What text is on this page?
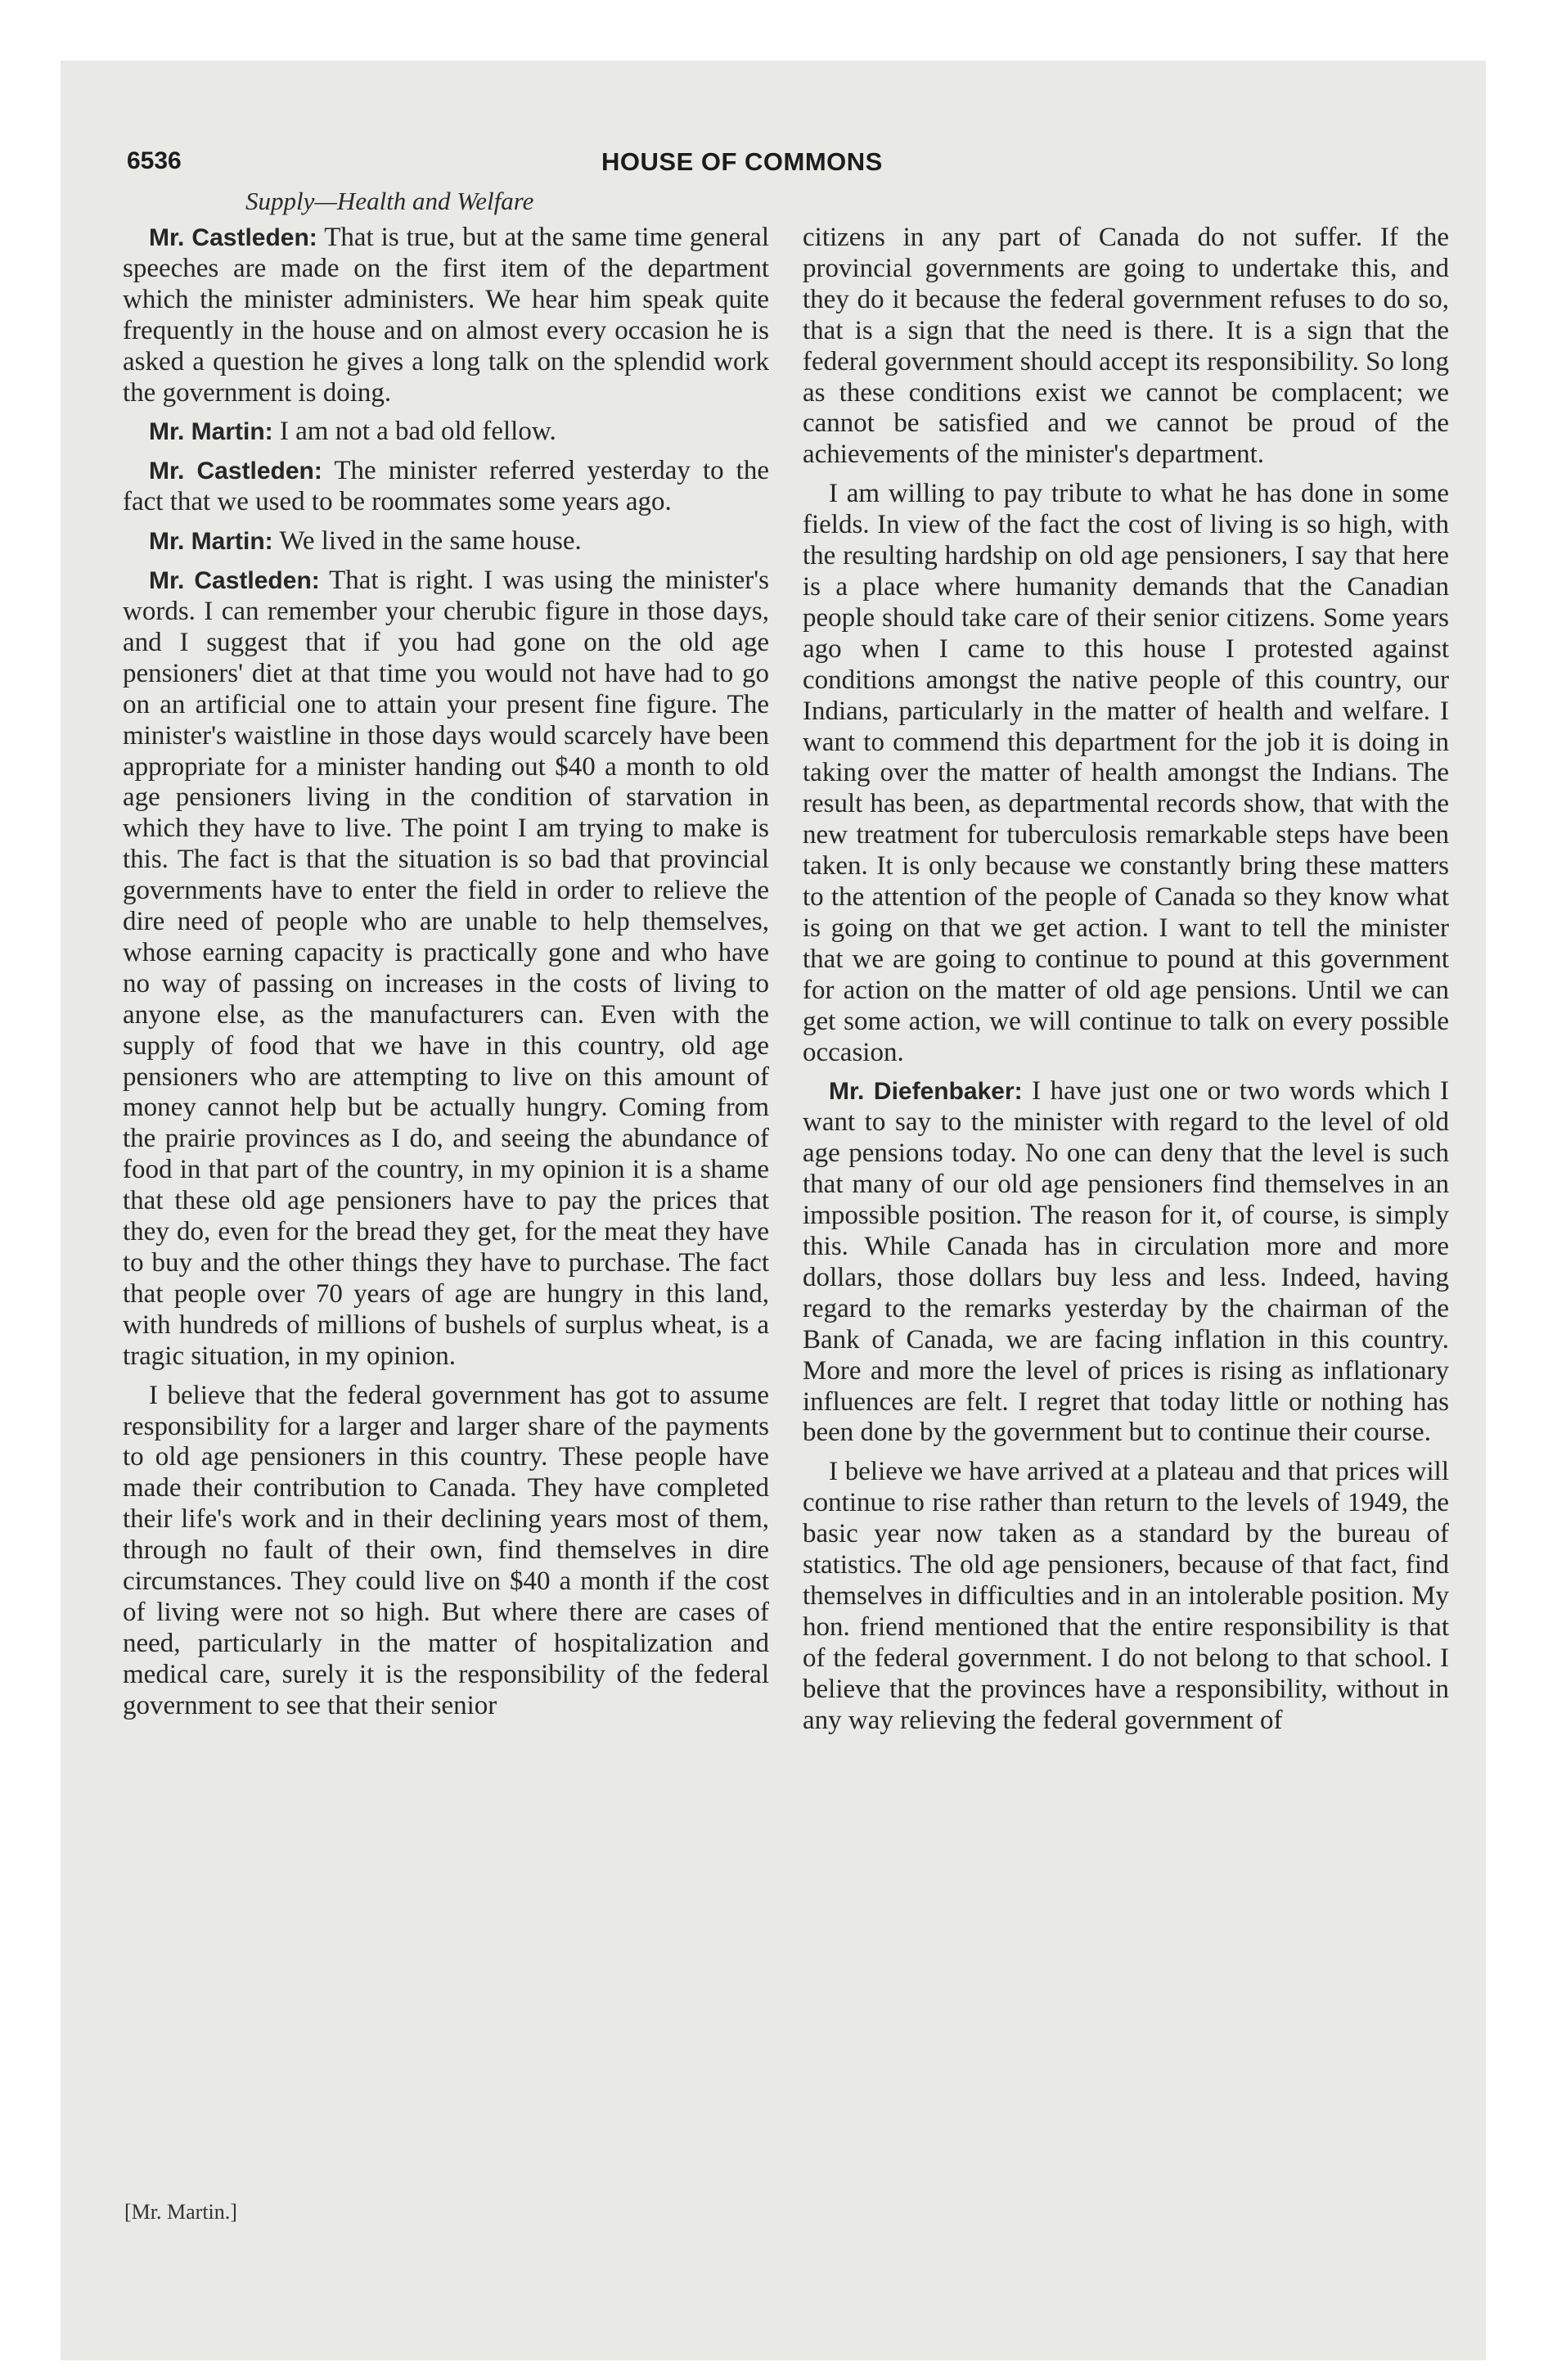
6536	HOUSE OF COMMONS
Supply—Health and Welfare

Mr. Castleden: That is true, but at the same time general speeches are made on the first item of the department which the minister administers. We hear him speak quite frequently in the house and on almost every occasion he is asked a question he gives a long talk on the splendid work the government is doing.

Mr. Martin: I am not a bad old fellow.

Mr. Castleden: The minister referred yesterday to the fact that we used to be roommates some years ago.

Mr. Martin: We lived in the same house.

Mr. Castleden: That is right. I was using the minister's words. I can remember your cherubic figure in those days, and I suggest that if you had gone on the old age pensioners' diet at that time you would not have had to go on an artificial one to attain your present fine figure. The minister's waistline in those days would scarcely have been appropriate for a minister handing out $40 a month to old age pensioners living in the condition of starvation in which they have to live. The point I am trying to make is this. The fact is that the situation is so bad that provincial governments have to enter the field in order to relieve the dire need of people who are unable to help themselves, whose earning capacity is practically gone and who have no way of passing on increases in the costs of living to anyone else, as the manufacturers can. Even with the supply of food that we have in this country, old age pensioners who are attempting to live on this amount of money cannot help but be actually hungry. Coming from the prairie provinces as I do, and seeing the abundance of food in that part of the country, in my opinion it is a shame that these old age pensioners have to pay the prices that they do, even for the bread they get, for the meat they have to buy and the other things they have to purchase. The fact that people over 70 years of age are hungry in this land, with hundreds of millions of bushels of surplus wheat, is a tragic situation, in my opinion.

I believe that the federal government has got to assume responsibility for a larger and larger share of the payments to old age pensioners in this country. These people have made their contribution to Canada. They have completed their life's work and in their declining years most of them, through no fault of their own, find themselves in dire circumstances. They could live on $40 a month if the cost of living were not so high. But where there are cases of need, particularly in the matter of hospitalization and medical care, surely it is the responsibility of the federal government to see that their senior

citizens in any part of Canada do not suffer. If the provincial governments are going to undertake this, and they do it because the federal government refuses to do so, that is a sign that the need is there. It is a sign that the federal government should accept its responsibility. So long as these conditions exist we cannot be complacent; we cannot be satisfied and we cannot be proud of the achievements of the minister's department.

I am willing to pay tribute to what he has done in some fields. In view of the fact the cost of living is so high, with the resulting hardship on old age pensioners, I say that here is a place where humanity demands that the Canadian people should take care of their senior citizens. Some years ago when I came to this house I protested against conditions amongst the native people of this country, our Indians, particularly in the matter of health and welfare. I want to commend this department for the job it is doing in taking over the matter of health amongst the Indians. The result has been, as departmental records show, that with the new treatment for tuberculosis remarkable steps have been taken. It is only because we constantly bring these matters to the attention of the people of Canada so they know what is going on that we get action. I want to tell the minister that we are going to continue to pound at this government for action on the matter of old age pensions. Until we can get some action, we will continue to talk on every possible occasion.

Mr. Diefenbaker: I have just one or two words which I want to say to the minister with regard to the level of old age pensions today. No one can deny that the level is such that many of our old age pensioners find themselves in an impossible position. The reason for it, of course, is simply this. While Canada has in circulation more and more dollars, those dollars buy less and less. Indeed, having regard to the remarks yesterday by the chairman of the Bank of Canada, we are facing inflation in this country. More and more the level of prices is rising as inflationary influences are felt. I regret that today little or nothing has been done by the government but to continue their course.

I believe we have arrived at a plateau and that prices will continue to rise rather than return to the levels of 1949, the basic year now taken as a standard by the bureau of statistics. The old age pensioners, because of that fact, find themselves in difficulties and in an intolerable position. My hon. friend mentioned that the entire responsibility is that of the federal government. I do not belong to that school. I believe that the provinces have a responsibility, without in any way relieving the federal government of

[Mr. Martin.]
